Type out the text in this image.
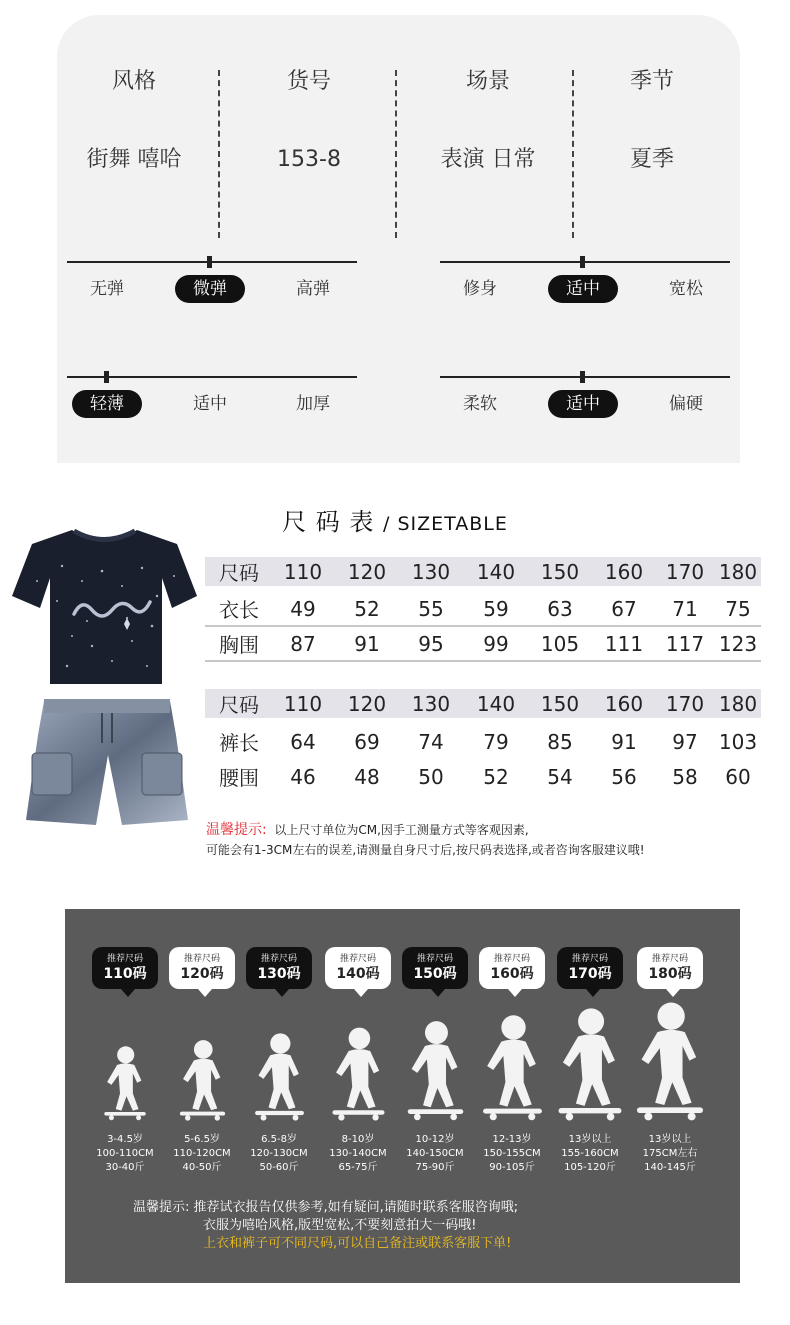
风格
街舞 嘻哈
货号
153-8
场景
表演 日常
季节
夏季
无弹	微弹	高弹	修身	适中	宽松
轻薄	适中	加厚	柔软	适中	偏硬
尺 码 表 / SIZETABLE
尺码	110	120	130	140	150	160	170 180
衣长	49	52	55	59	63	67	71	75
胸围	87	91	95	99	105	111	117 123
尺码	110	120	130	140	150	160	170 180
裤长	64	69	74	79	85	91	97	103
腰围	46	48	50	52	54	56	58	60
温馨提示: 以上尺寸单位为CM,因手工测量方式等客观因素,
可能会有1-3CM左右的误差,请测量自身尺寸后,按尺码表选择,或者咨询客服建议哦!
推荐尺码
110码
推荐尺码
120码
推荐尺码
130码
推荐尺码
140码
推荐尺码
150码
推荐尺码
160码
推荐尺码
170码
推荐尺码
180码
3-4.5岁
100-110CM
30-40斤
5-6.5岁
110-120CM
40-50斤
6.5-8岁
120-130CM
50-60斤
8-10岁
130-140CM
65-75斤
10-12岁
140-150CM
75-90斤
12-13岁
150-155CM
90-105斤
13岁以上
155-160CM
105-120斤
13岁以上
175CM左右
140-145斤
温馨提示: 推荐试衣报告仅供参考,如有疑问,请随时联系客服咨询哦;
衣服为嘻哈风格,版型宽松,不要刻意拍大一码哦!
上衣和裤子可不同尺码,可以自己备注或联系客服下单!
